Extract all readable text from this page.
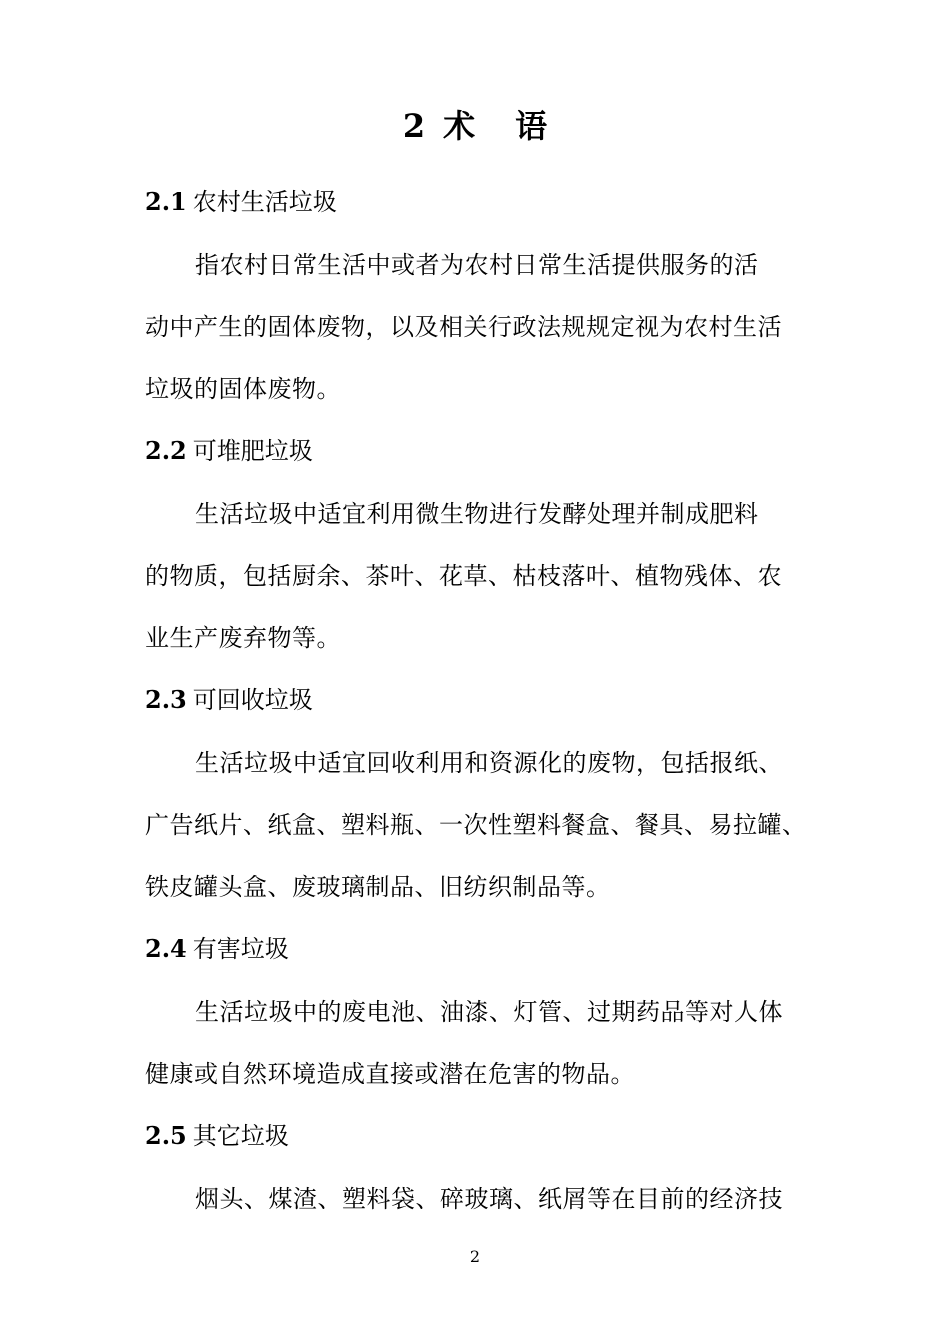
2 术 语
2.1 农村生活垃圾
指农村日常生活中或者为农村日常生活提供服务的活
动中产生的固体废物，以及相关行政法规规定视为农村生活
垃圾的固体废物。
2.2 可堆肥垃圾
生活垃圾中适宜利用微生物进行发酵处理并制成肥料
的物质，包括厨余、茶叶、花草、枯枝落叶、植物残体、农
业生产废弃物等。
2.3 可回收垃圾
生活垃圾中适宜回收利用和资源化的废物，包括报纸、
广告纸片、纸盒、塑料瓶、一次性塑料餐盒、餐具、易拉罐、
铁皮罐头盒、废玻璃制品、旧纺织制品等。
2.4 有害垃圾
生活垃圾中的废电池、油漆、灯管、过期药品等对人体
健康或自然环境造成直接或潜在危害的物品。
2.5 其它垃圾
烟头、煤渣、塑料袋、碎玻璃、纸屑等在目前的经济技
2
